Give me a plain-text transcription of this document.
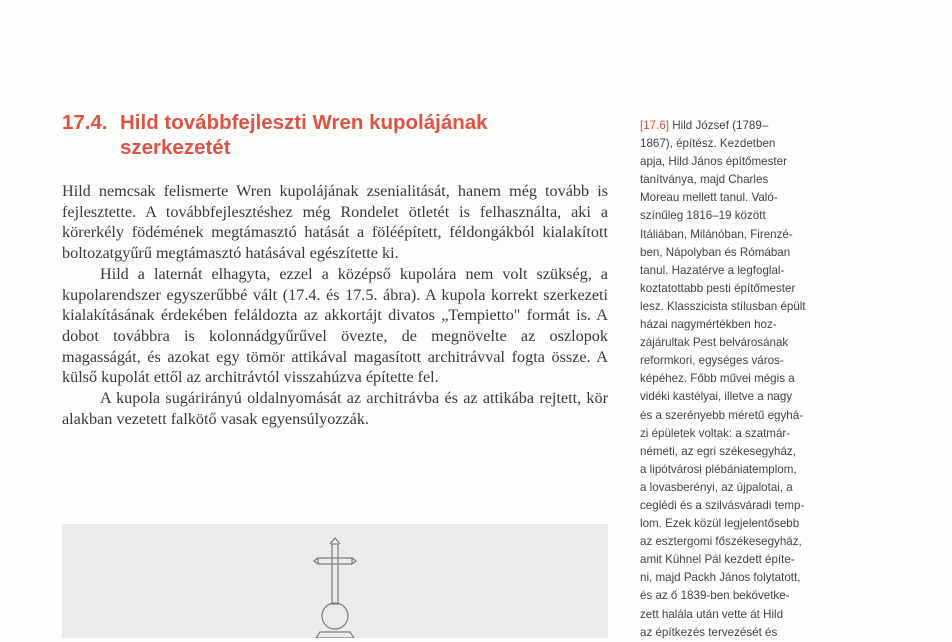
17.4. Hild továbbfejleszti Wren kupolájának
szerkezetét

Hild nemcsak felismerte Wren kupolájának zsenialitását, hanem még tovább is fejlesztette. A továbbfejlesztéshez még Rondelet ötletét is felhasználta, aki a körerkély födémének megtámasztó hatását a föléépített, féldongákból kialakított boltozatgyűrű megtámasztó hatásával egészítette ki.

Hild a laternát elhagyta, ezzel a középső kupolára nem volt szükség, a kupolarendszer egyszerűbbé vált (17.4. és 17.5. ábra). A kupola korrekt szerkezeti kialakításának érdekében feláldozta az akkortájt divatos „Tempietto" formát is. A dobot továbbra is kolonnádgyűrűvel övezte, de megnövelte az oszlopok magasságát, és azokat egy tömör attikával magasított architrávval fogta össze. A külső kupolát ettől az architrávtól visszahúzva építette fel.

A kupola sugárirányú oldalnyomását az architrávba és az attikába rejtett, kör alakban vezetett falkötő vasak egyensúlyozzák.

[17.6] Hild József (1789–
1867), építész. Kezdetben
apja, Hild János építőmester
tanítványa, majd Charles
Moreau mellett tanul. Való-
színűleg 1816–19 között
Itáliában, Milánóban, Firenzé-
ben, Nápolyban és Rómában
tanul. Hazatérve a legfoglal-
koztatottabb pesti építőmester
lesz. Klasszicista stílusban épült
házai nagymértékben hoz-
zájárultak Pest belvárosának
reformkori, egységes város-
képéhez. Főbb művei mégis a
vidéki kastélyai, illetve a nagy
és a szerényebb méretű egyhá-
zi épületek voltak: a szatmár-
németi, az egri székesegyház,
a lipótvárosi plébániatemplom,
a lovasberényi, az újpalotai, a
ceglédi és a szilvásváradi temp-
lom. Ezek közül legjelentősebb
az esztergomi főszékesegyház,
amit Kühnel Pál kezdett építe-
ni, majd Packh János folytatott,
és az ő 1839-ben bekövetke-
zett halála után vette át Hild
az építkezés tervezését és
